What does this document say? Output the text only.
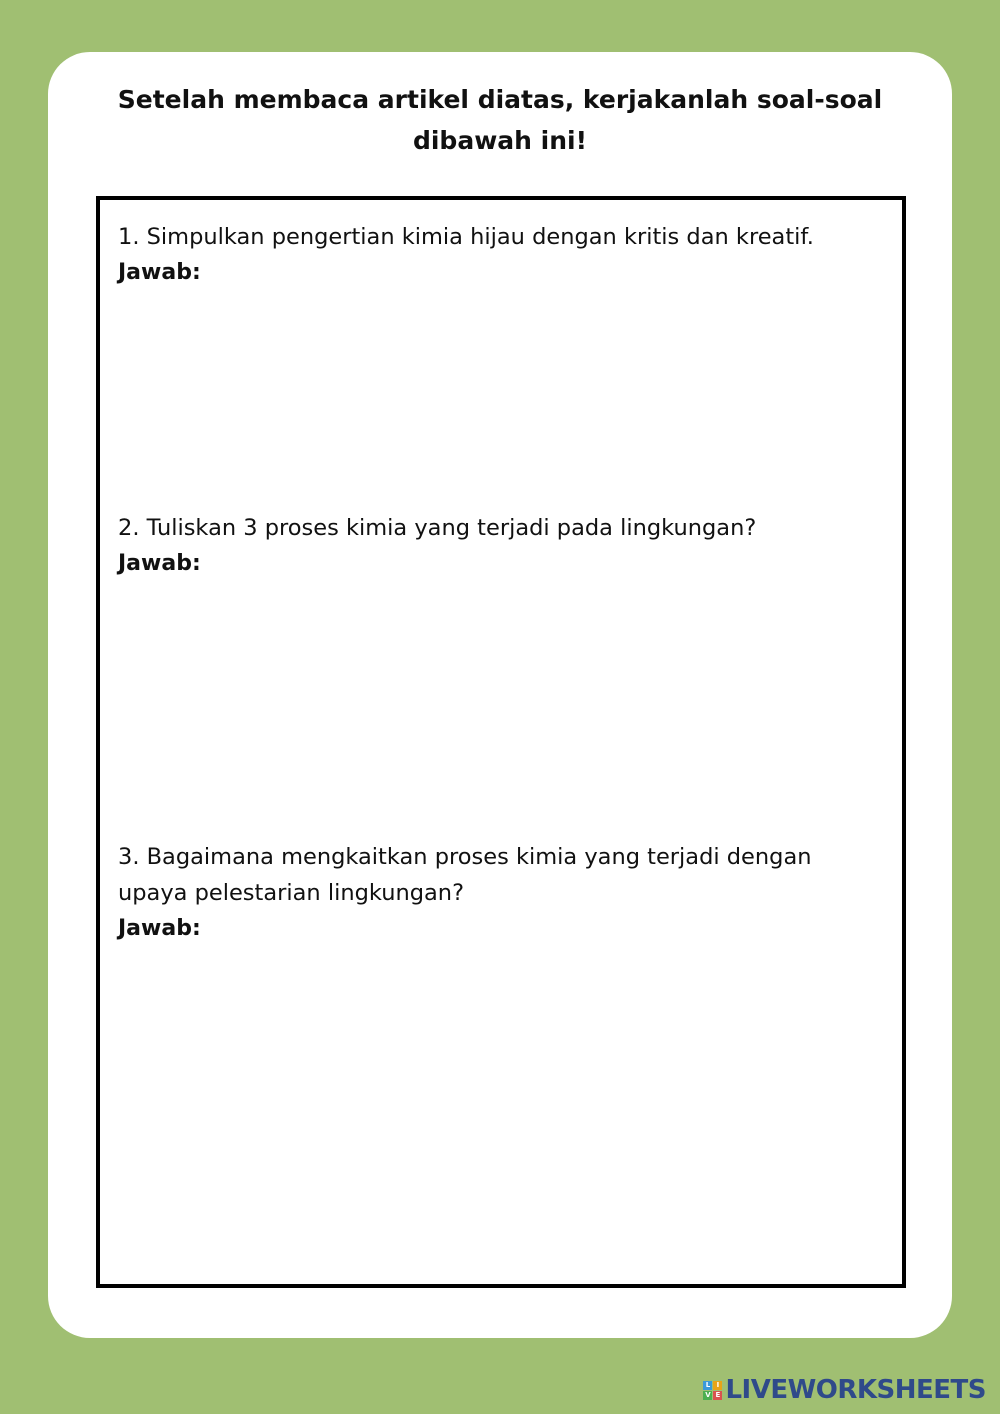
Setelah membaca artikel diatas, kerjakanlah soal-soal
dibawah ini!
1. Simpulkan pengertian kimia hijau dengan kritis dan kreatif.
Jawab:
2. Tuliskan 3 proses kimia yang terjadi pada lingkungan?
Jawab:
3. Bagaimana mengkaitkan proses kimia yang terjadi dengan
upaya pelestarian lingkungan?
Jawab:
L I
V E LIVEWORKSHEETS
